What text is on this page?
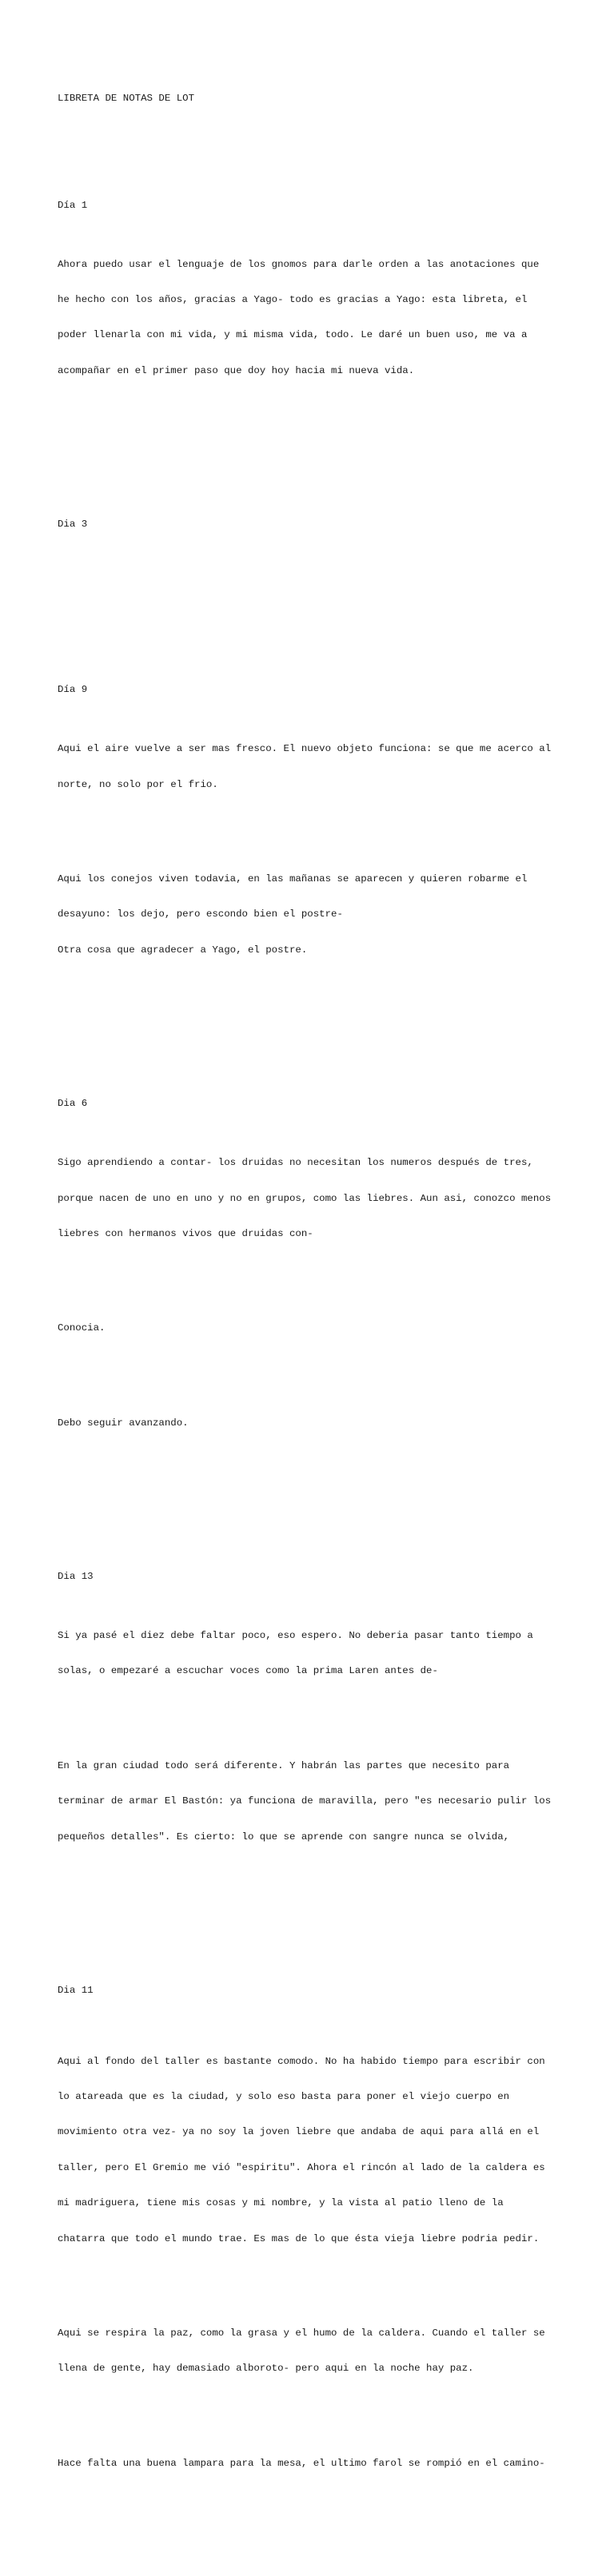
LIBRETA DE NOTAS DE LOT

Día 1

Ahora puedo usar el lenguaje de los gnomos para darle orden a las anotaciones que

he hecho con los años, gracias a Yago- todo es gracias a Yago: esta libreta, el

poder llenarla con mi vida, y mi misma vida, todo. Le daré un buen uso, me va a

acompañar en el primer paso que doy hoy hacia mi nueva vida.

Dia 3

Día 9

Aqui el aire vuelve a ser mas fresco. El nuevo objeto funciona: se que me acerco al

norte, no solo por el frio.

Aqui los conejos viven todavia, en las mañanas se aparecen y quieren robarme el

desayuno: los dejo, pero escondo bien el postre-

Otra cosa que agradecer a Yago, el postre.

Dia 6

Sigo aprendiendo a contar- los druidas no necesitan los numeros después de tres,

porque nacen de uno en uno y no en grupos, como las liebres. Aun asi, conozco menos

liebres con hermanos vivos que druidas con-

Conocia.

Debo seguir avanzando.

Dia 13

Si ya pasé el diez debe faltar poco, eso espero. No deberia pasar tanto tiempo a

solas, o empezaré a escuchar voces como la prima Laren antes de-

En la gran ciudad todo será diferente. Y habrán las partes que necesito para

terminar de armar El Bastón: ya funciona de maravilla, pero "es necesario pulir los

pequeños detalles". Es cierto: lo que se aprende con sangre nunca se olvida,

Dia 11

Aqui al fondo del taller es bastante comodo. No ha habido tiempo para escribir con

lo atareada que es la ciudad, y solo eso basta para poner el viejo cuerpo en

movimiento otra vez- ya no soy la joven liebre que andaba de aqui para allá en el

taller, pero El Gremio me vió "espiritu". Ahora el rincón al lado de la caldera es

mi madriguera, tiene mis cosas y mi nombre, y la vista al patio lleno de la

chatarra que todo el mundo trae. Es mas de lo que ésta vieja liebre podria pedir.

Aqui se respira la paz, como la grasa y el humo de la caldera. Cuando el taller se

llena de gente, hay demasiado alboroto- pero aqui en la noche hay paz.

Hace falta una buena lampara para la mesa, el ultimo farol se rompió en el camino-
